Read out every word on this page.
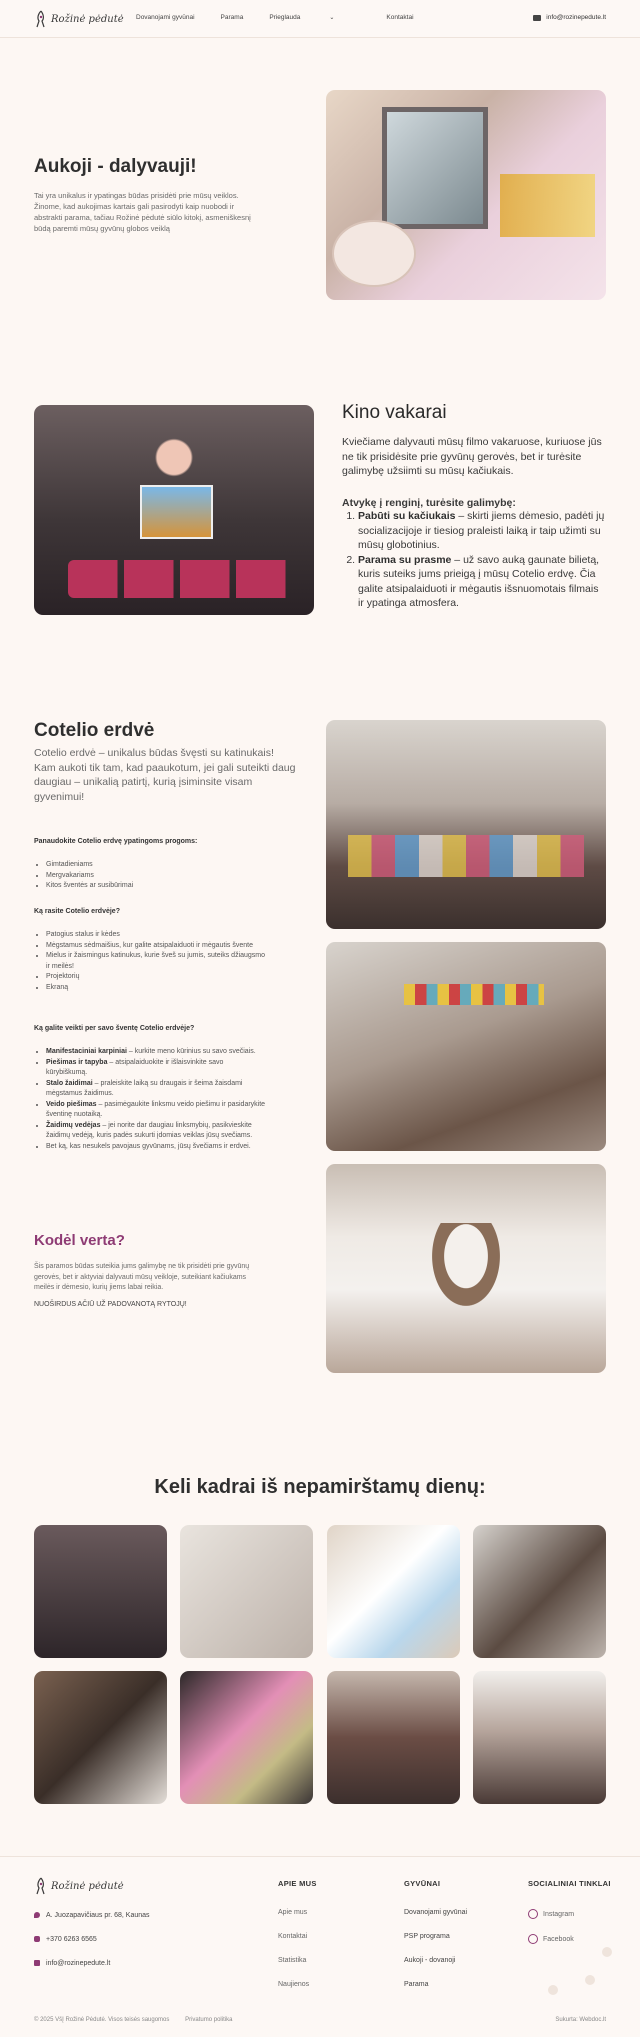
Rožinė pėdutė Dovanojami gyvūnai	Parama	Prieglauda	⌄	Kontaktai	info@rozinepedute.lt
Aukoji - dalyvauji!
Tai yra unikalus ir ypatingas būdas prisidėti prie mūsų veiklos. Žinome, kad aukojimas kartais gali pasirodyti kaip nuobodi ir abstrakti parama, tačiau Rožinė pėdutė siūlo kitokį, asmeniškesnį būdą paremti mūsų gyvūnų globos veiklą
Kino vakarai
Kviečiame dalyvauti mūsų filmo vakaruose, kuriuose jūs ne tik prisidėsite prie gyvūnų gerovės, bet ir turėsite galimybę užsiimti su mūsų kačiukais.
Atvykę į renginį, turėsite galimybę:
1. Pabūti su kačiukais – skirti jiems dėmesio, padėti jų socializacijoje ir tiesiog praleisti laiką ir taip užimti su mūsų globotinius.
2. Parama su prasme – už savo auką gaunate bilietą, kuris suteiks jums prieigą į mūsų Cotelio erdvę. Čia galite atsipalaiduoti ir mėgautis išsnuomotais filmais ir ypatinga atmosfera.
Cotelio erdvė
Cotelio erdvė – unikalus būdas švęsti su katinukais! Kam aukoti tik tam, kad paaukotum, jei gali suteikti daug daugiau – unikalią patirtį, kurią įsiminsite visam gyvenimui!
Panaudokite Cotelio erdvę ypatingoms progoms:
• Gimtadieniams
• Mergvakariams
• Kitos šventės ar susibūrimai
Ką rasite Cotelio erdvėje?
• Patogius stalus ir kėdes
• Mėgstamus sėdmaišius, kur galite atsipalaiduoti ir mėgautis švente
• Mielus ir žaismingus katinukus, kurie šveš su jumis, suteiks džiaugsmo ir meilės!
• Projektorių
• Ekraną
Ką galite veikti per savo šventę Cotelio erdvėje?
• Manifestaciniai karpiniai – kurkite meno kūrinius su savo svečiais.
• Piešimas ir tapyba – atsipalaiduokite ir išlaisvinkite savo kūrybiškumą.
• Stalo žaidimai – praleiskite laiką su draugais ir šeima žaisdami mėgstamus žaidimus.
• Veido piešimas – pasimėgaukite linksmu veido piešimu ir pasidarykite šventinę nuotaiką.
• Žaidimų vedėjas – jei norite dar daugiau linksmybių, pasikvieskite žaidimų vedėją, kuris padės sukurti įdomias veiklas jūsų svečiams.
• Bet ką, kas nesukels pavojaus gyvūnams, jūsų švečiams ir erdvei.
Kodėl verta?
Šis paramos būdas suteikia jums galimybę ne tik prisidėti prie gyvūnų gerovės, bet ir aktyviai dalyvauti mūsų veikloje, suteikiant kačiukams meilės ir dėmesio, kurių jiems labai reikia.
NUOŠIRDUS AČIŪ UŽ PADOVANOTĄ RYTOJŲ!
Keli kadrai iš nepamirštamų dienų:
Rožinė pėdutė
A. Juozapavičiaus pr. 68, Kaunas
+370 6263 6565
info@rozinepedute.lt
APIE MUS
Apie mus
Kontaktai
Statistika
Naujienos
GYVŪNAI
Dovanojami gyvūnai
PSP programa
Aukoji - dovanoji
Parama
SOCIALINIAI TINKLAI
Instagram
Facebook
© 2025 VšĮ Rožinė Pėdutė. Visos teisės saugomos	Privatumo politika	Sukurta: Webdoc.lt
